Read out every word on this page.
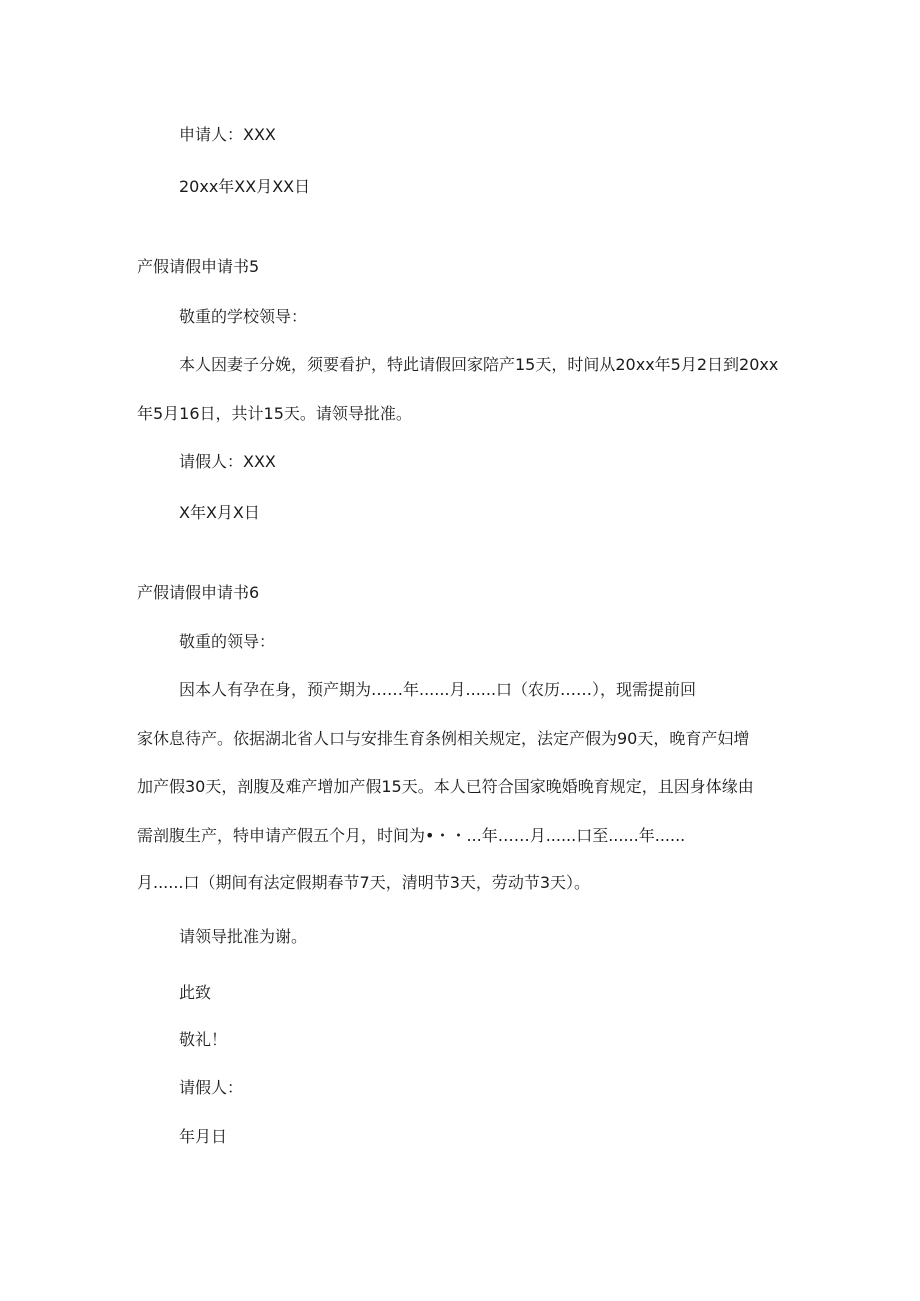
申请人：XXX

20xx年XX月XX日

产假请假申请书5

敬重的学校领导：

本人因妻子分娩，须要看护，特此请假回家陪产15天，时间从20xx年5月2日到20xx

年5月16日，共计15天。请领导批准。

请假人：XXX

X年X月X日

产假请假申请书6

敬重的领导：

因本人有孕在身，预产期为……年......月......口（农历……），现需提前回

家休息待产。依据湖北省人口与安排生育条例相关规定，法定产假为90天，晚育产妇增

加产假30天，剖腹及难产增加产假15天。本人已符合国家晚婚晚育规定，且因身体缘由

需剖腹生产，特申请产假五个月，时间为•・・...年……月......口至......年......

月......口（期间有法定假期春节7天，清明节3天，劳动节3天）。

请领导批准为谢。

此致

敬礼！

请假人：

年月日
